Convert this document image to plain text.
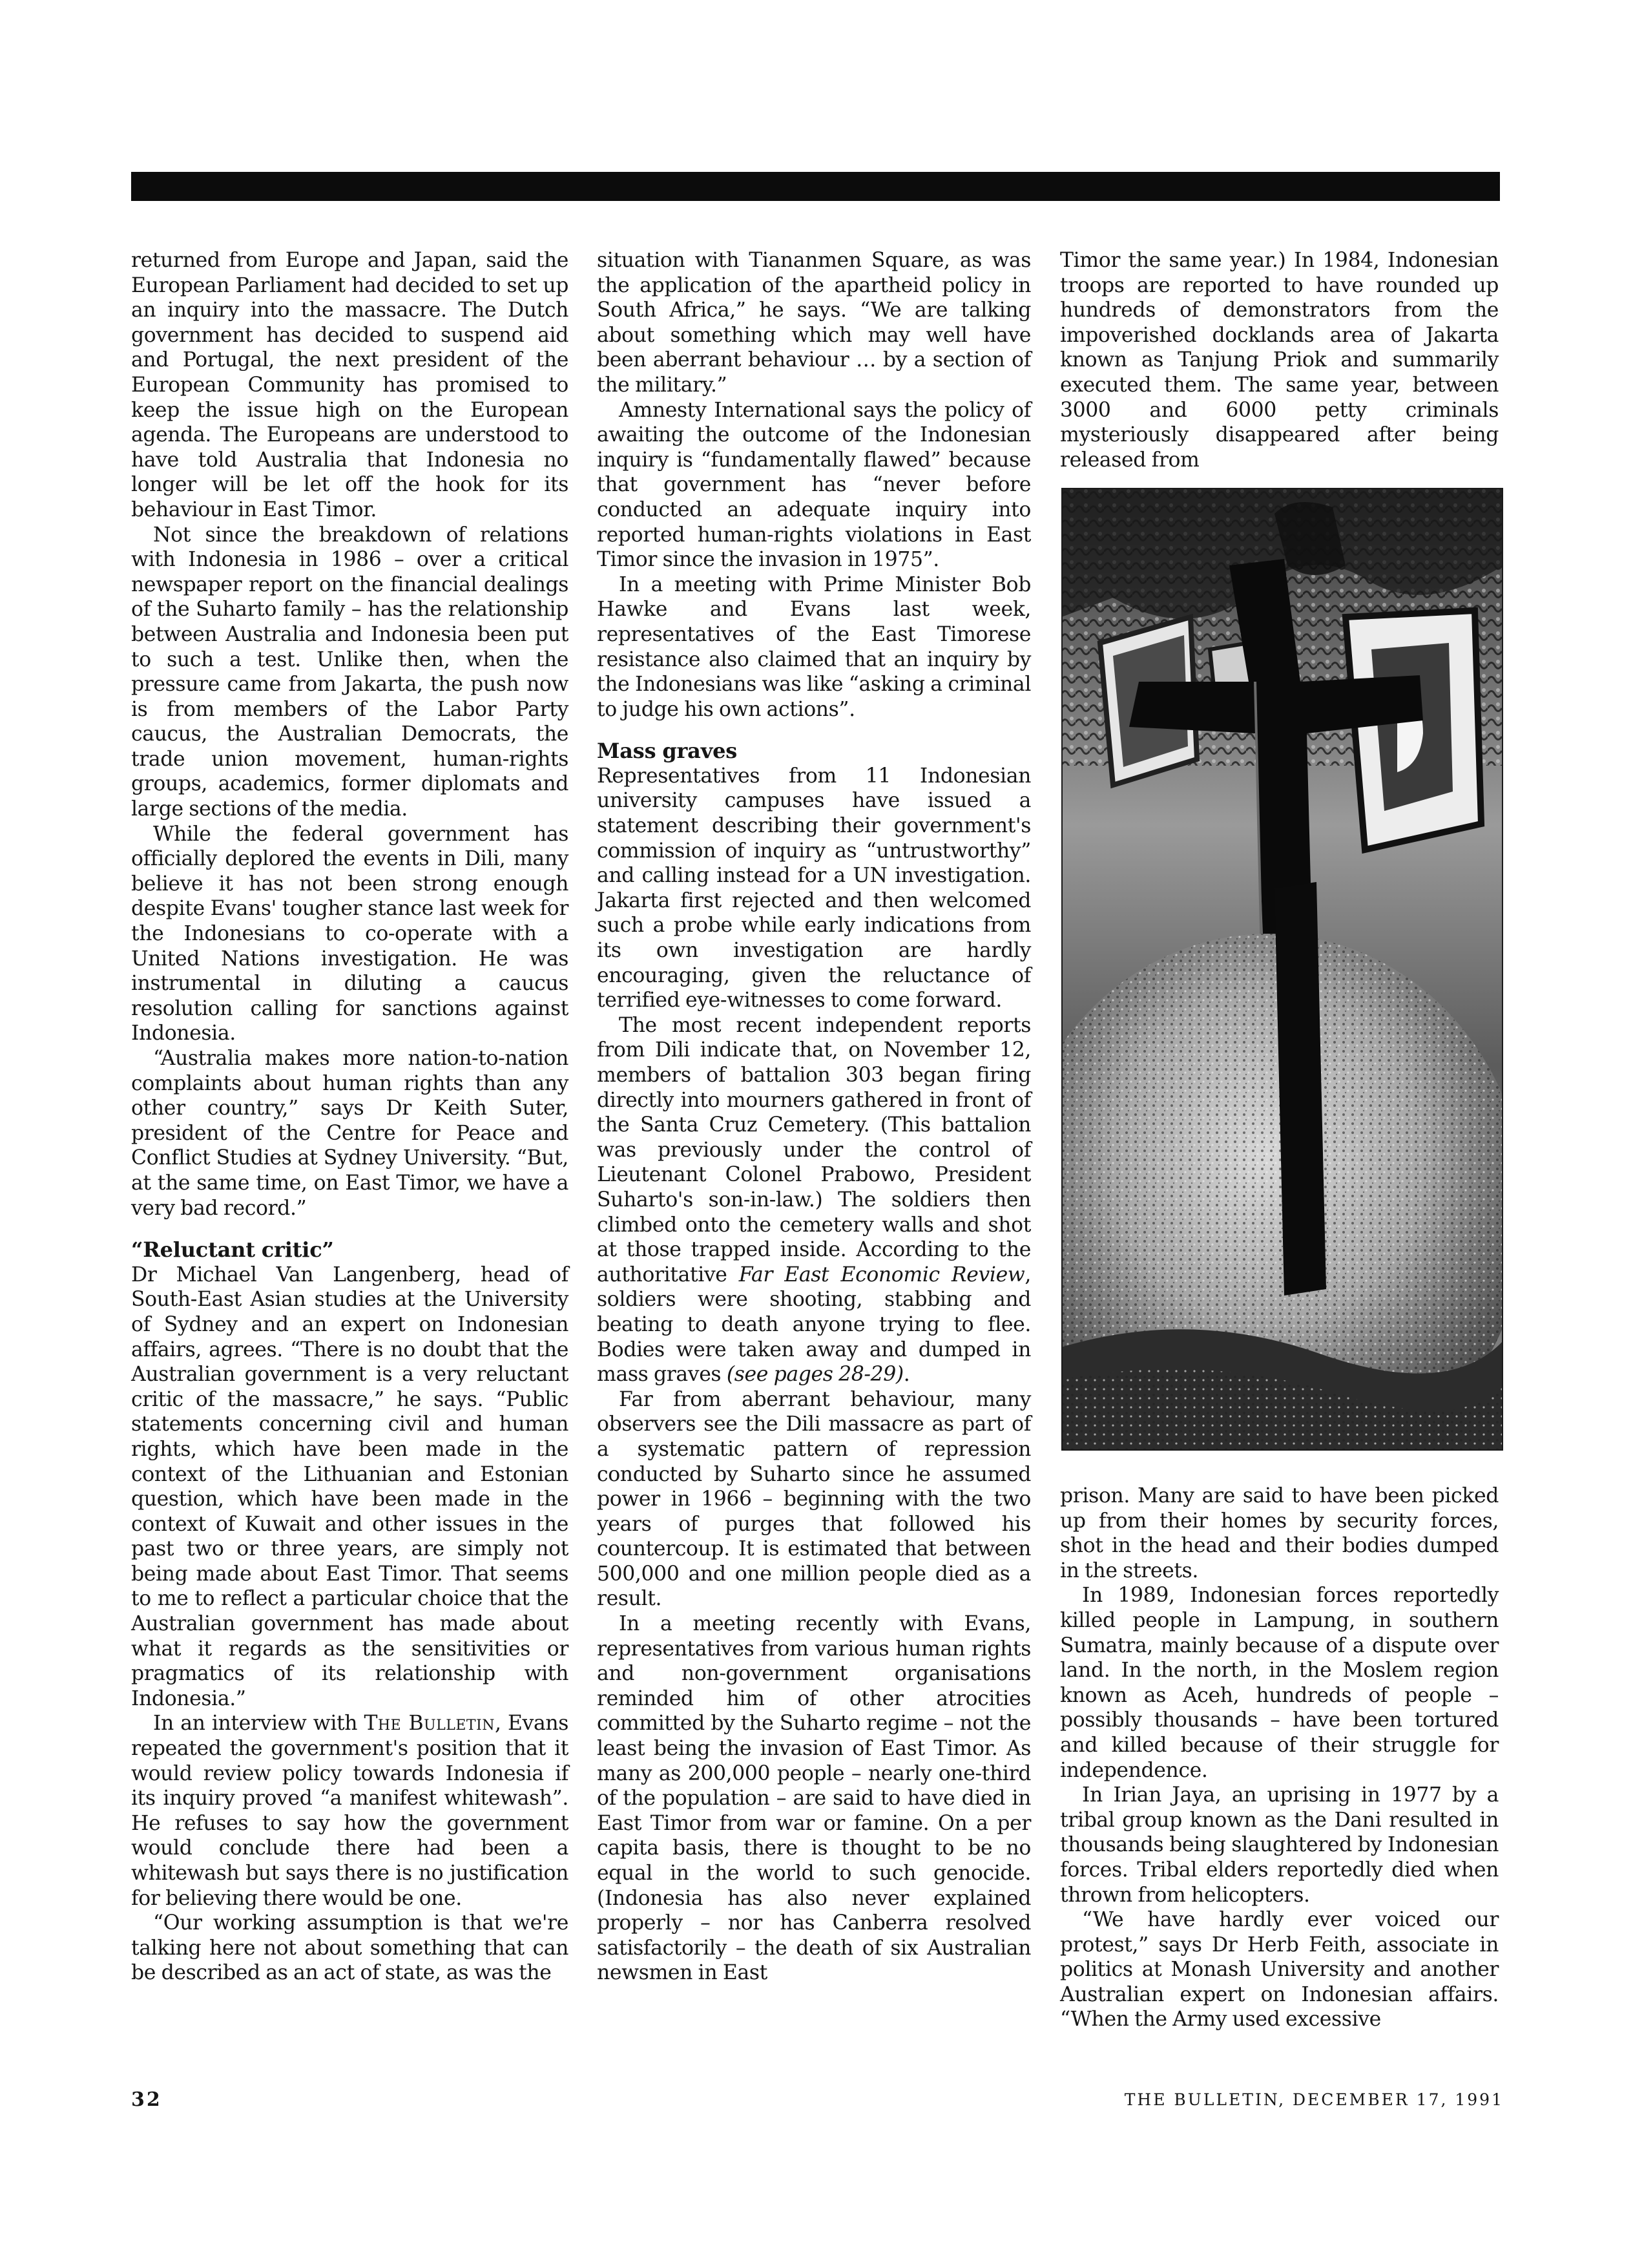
returned from Europe and Japan, said the European Parliament had decided to set up an inquiry into the massacre. The Dutch government has decided to suspend aid and Portugal, the next president of the European Community has promised to keep the issue high on the European agenda. The Europeans are understood to have told Australia that Indonesia no longer will be let off the hook for its behaviour in East Timor.

Not since the breakdown of relations with Indonesia in 1986 – over a critical newspaper report on the financial dealings of the Suharto family – has the relationship between Australia and Indonesia been put to such a test. Unlike then, when the pressure came from Jakarta, the push now is from members of the Labor Party caucus, the Australian Democrats, the trade union movement, human-rights groups, academics, former diplomats and large sections of the media.

While the federal government has officially deplored the events in Dili, many believe it has not been strong enough despite Evans' tougher stance last week for the Indonesians to co-operate with a United Nations investigation. He was instrumental in diluting a caucus resolution calling for sanctions against Indonesia.

“Australia makes more nation-to-nation complaints about human rights than any other country,” says Dr Keith Suter, president of the Centre for Peace and Conflict Studies at Sydney University. “But, at the same time, on East Timor, we have a very bad record.”

“Reluctant critic”

Dr Michael Van Langenberg, head of South-East Asian studies at the University of Sydney and an expert on Indonesian affairs, agrees. “There is no doubt that the Australian government is a very reluctant critic of the massacre,” he says. “Public statements concerning civil and human rights, which have been made in the context of the Lithuanian and Estonian question, which have been made in the context of Kuwait and other issues in the past two or three years, are simply not being made about East Timor. That seems to me to reflect a particular choice that the Australian government has made about what it regards as the sensitivities or pragmatics of its relationship with Indonesia.”

In an interview with The Bulletin, Evans repeated the government's position that it would review policy towards Indonesia if its inquiry proved “a manifest whitewash”. He refuses to say how the government would conclude there had been a whitewash but says there is no justification for believing there would be one.

“Our working assumption is that we're talking here not about something that can be described as an act of state, as was the

situation with Tiananmen Square, as was the application of the apartheid policy in South Africa,” he says. “We are talking about something which may well have been aberrant behaviour … by a section of the military.”

Amnesty International says the policy of awaiting the outcome of the Indonesian inquiry is “fundamentally flawed” because that government has “never before conducted an adequate inquiry into reported human-rights violations in East Timor since the invasion in 1975”.

In a meeting with Prime Minister Bob Hawke and Evans last week, representatives of the East Timorese resistance also claimed that an inquiry by the Indonesians was like “asking a criminal to judge his own actions”.

Mass graves

Representatives from 11 Indonesian university campuses have issued a statement describing their government's commission of inquiry as “untrustworthy” and calling instead for a UN investigation. Jakarta first rejected and then welcomed such a probe while early indications from its own investigation are hardly encouraging, given the reluctance of terrified eye-witnesses to come forward.

The most recent independent reports from Dili indicate that, on November 12, members of battalion 303 began firing directly into mourners gathered in front of the Santa Cruz Cemetery. (This battalion was previously under the control of Lieutenant Colonel Prabowo, President Suharto's son-in-law.) The soldiers then climbed onto the cemetery walls and shot at those trapped inside. According to the authoritative Far East Economic Review, soldiers were shooting, stabbing and beating to death anyone trying to flee. Bodies were taken away and dumped in mass graves (see pages 28-29).

Far from aberrant behaviour, many observers see the Dili massacre as part of a systematic pattern of repression conducted by Suharto since he assumed power in 1966 – beginning with the two years of purges that followed his countercoup. It is estimated that between 500,000 and one million people died as a result.

In a meeting recently with Evans, representatives from various human rights and non-government organisations reminded him of other atrocities committed by the Suharto regime – not the least being the invasion of East Timor. As many as 200,000 people – nearly one-third of the population – are said to have died in East Timor from war or famine. On a per capita basis, there is thought to be no equal in the world to such genocide. (Indonesia has also never explained properly – nor has Canberra resolved satisfactorily – the death of six Australian newsmen in East

Timor the same year.) In 1984, Indonesian troops are reported to have rounded up hundreds of demonstrators from the impoverished docklands area of Jakarta known as Tanjung Priok and summarily executed them. The same year, between 3000 and 6000 petty criminals mysteriously disappeared after being released from

prison. Many are said to have been picked up from their homes by security forces, shot in the head and their bodies dumped in the streets.

In 1989, Indonesian forces reportedly killed people in Lampung, in southern Sumatra, mainly because of a dispute over land. In the north, in the Moslem region known as Aceh, hundreds of people – possibly thousands – have been tortured and killed because of their struggle for independence.

In Irian Jaya, an uprising in 1977 by a tribal group known as the Dani resulted in thousands being slaughtered by Indonesian forces. Tribal elders reportedly died when thrown from helicopters.

“We have hardly ever voiced our protest,” says Dr Herb Feith, associate in politics at Monash University and another Australian expert on Indonesian affairs. “When the Army used excessive

32	THE BULLETIN, DECEMBER 17, 1991
